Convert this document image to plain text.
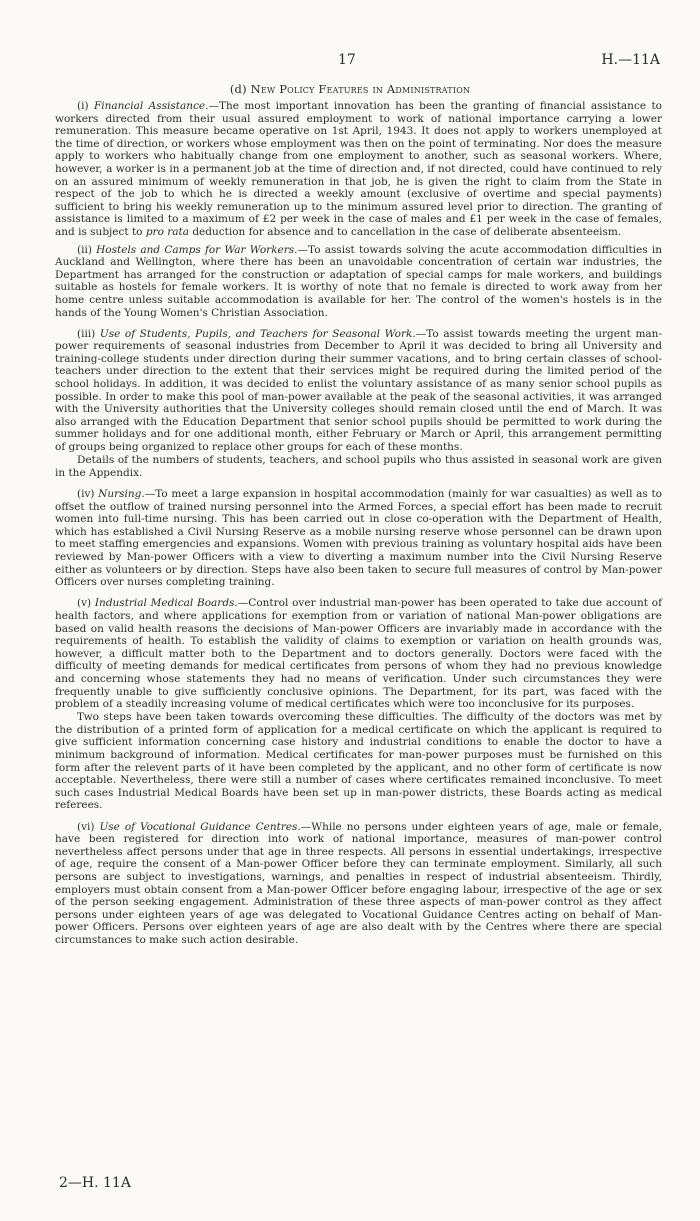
17	H.—11A
(d) New Policy Features in Administration

(i) Financial Assistance.—The most important innovation has been the granting of financial assistance to workers directed from their usual assured employment to work of national importance carrying a lower remuneration. This measure became operative on 1st April, 1943. It does not apply to workers unemployed at the time of direction, or workers whose employment was then on the point of terminating. Nor does the measure apply to workers who habitually change from one employment to another, such as seasonal workers. Where, however, a worker is in a permanent job at the time of direction and, if not directed, could have continued to rely on an assured minimum of weekly remuneration in that job, he is given the right to claim from the State in respect of the job to which he is directed a weekly amount (exclusive of overtime and special payments) sufficient to bring his weekly remuneration up to the minimum assured level prior to direction. The granting of assistance is limited to a maximum of £2 per week in the case of males and £1 per week in the case of females, and is subject to pro rata deduction for absence and to cancellation in the case of deliberate absenteeism.

(ii) Hostels and Camps for War Workers.—To assist towards solving the acute accommodation difficulties in Auckland and Wellington, where there has been an unavoidable concentration of certain war industries, the Department has arranged for the construction or adaptation of special camps for male workers, and buildings suitable as hostels for female workers. It is worthy of note that no female is directed to work away from her home centre unless suitable accommodation is available for her. The control of the women's hostels is in the hands of the Young Women's Christian Association.

(iii) Use of Students, Pupils, and Teachers for Seasonal Work.—To assist towards meeting the urgent man-power requirements of seasonal industries from December to April it was decided to bring all University and training-college students under direction during their summer vacations, and to bring certain classes of school-teachers under direction to the extent that their services might be required during the limited period of the school holidays. In addition, it was decided to enlist the voluntary assistance of as many senior school pupils as possible. In order to make this pool of man-power available at the peak of the seasonal activities, it was arranged with the University authorities that the University colleges should remain closed until the end of March. It was also arranged with the Education Department that senior school pupils should be permitted to work during the summer holidays and for one additional month, either February or March or April, this arrangement permitting of groups being organized to replace other groups for each of these months.

Details of the numbers of students, teachers, and school pupils who thus assisted in seasonal work are given in the Appendix.

(iv) Nursing.—To meet a large expansion in hospital accommodation (mainly for war casualties) as well as to offset the outflow of trained nursing personnel into the Armed Forces, a special effort has been made to recruit women into full-time nursing. This has been carried out in close co-operation with the Department of Health, which has established a Civil Nursing Reserve as a mobile nursing reserve whose personnel can be drawn upon to meet staffing emergencies and expansions. Women with previous training as voluntary hospital aids have been reviewed by Man-power Officers with a view to diverting a maximum number into the Civil Nursing Reserve either as volunteers or by direction. Steps have also been taken to secure full measures of control by Man-power Officers over nurses completing training.

(v) Industrial Medical Boards.—Control over industrial man-power has been operated to take due account of health factors, and where applications for exemption from or variation of national Man-power obligations are based on valid health reasons the decisions of Man-power Officers are invariably made in accordance with the requirements of health. To establish the validity of claims to exemption or variation on health grounds was, however, a difficult matter both to the Department and to doctors generally. Doctors were faced with the difficulty of meeting demands for medical certificates from persons of whom they had no previous knowledge and concerning whose statements they had no means of verification. Under such circumstances they were frequently unable to give sufficiently conclusive opinions. The Department, for its part, was faced with the problem of a steadily increasing volume of medical certificates which were too inconclusive for its purposes.

Two steps have been taken towards overcoming these difficulties. The difficulty of the doctors was met by the distribution of a printed form of application for a medical certificate on which the applicant is required to give sufficient information concerning case history and industrial conditions to enable the doctor to have a minimum background of information. Medical certificates for man-power purposes must be furnished on this form after the relevent parts of it have been completed by the applicant, and no other form of certificate is now acceptable. Nevertheless, there were still a number of cases where certificates remained inconclusive. To meet such cases Industrial Medical Boards have been set up in man-power districts, these Boards acting as medical referees.

(vi) Use of Vocational Guidance Centres.—While no persons under eighteen years of age, male or female, have been registered for direction into work of national importance, measures of man-power control nevertheless affect persons under that age in three respects. All persons in essential undertakings, irrespective of age, require the consent of a Man-power Officer before they can terminate employment. Similarly, all such persons are subject to investigations, warnings, and penalties in respect of industrial absenteeism. Thirdly, employers must obtain consent from a Man-power Officer before engaging labour, irrespective of the age or sex of the person seeking engagement. Administration of these three aspects of man-power control as they affect persons under eighteen years of age was delegated to Vocational Guidance Centres acting on behalf of Man-power Officers. Persons over eighteen years of age are also dealt with by the Centres where there are special circumstances to make such action desirable.

2—H. 11A
